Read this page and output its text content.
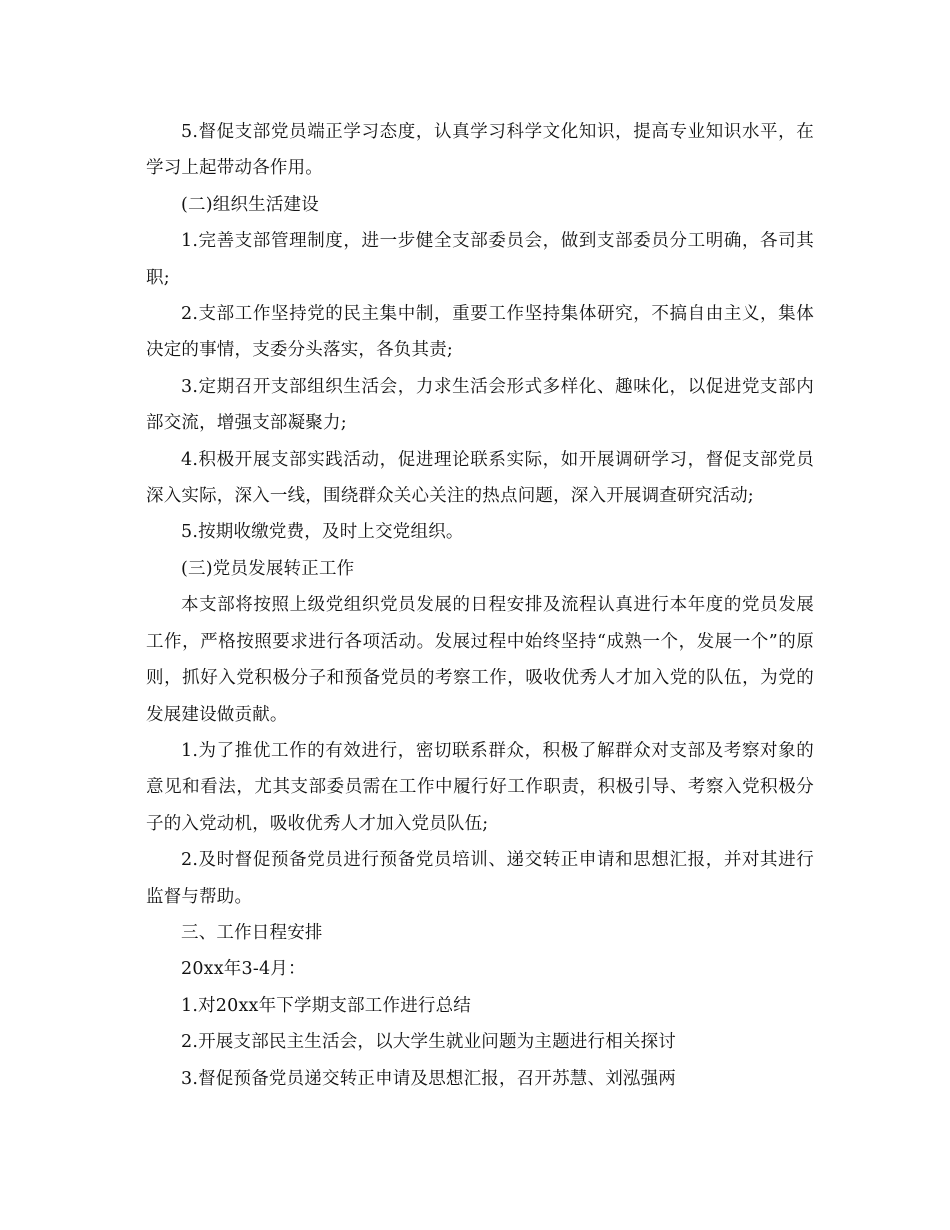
5.督促支部党员端正学习态度，认真学习科学文化知识，提高专业知识水平，在学习上起带动各作用。

(二)组织生活建设

1.完善支部管理制度，进一步健全支部委员会，做到支部委员分工明确，各司其职;

2.支部工作坚持党的民主集中制，重要工作坚持集体研究，不搞自由主义，集体决定的事情，支委分头落实，各负其责;

3.定期召开支部组织生活会，力求生活会形式多样化、趣味化，以促进党支部内部交流，增强支部凝聚力;

4.积极开展支部实践活动，促进理论联系实际，如开展调研学习，督促支部党员深入实际，深入一线，围绕群众关心关注的热点问题，深入开展调查研究活动;

5.按期收缴党费，及时上交党组织。

(三)党员发展转正工作

本支部将按照上级党组织党员发展的日程安排及流程认真进行本年度的党员发展工作，严格按照要求进行各项活动。发展过程中始终坚持“成熟一个，发展一个”的原则，抓好入党积极分子和预备党员的考察工作，吸收优秀人才加入党的队伍，为党的发展建设做贡献。

1.为了推优工作的有效进行，密切联系群众，积极了解群众对支部及考察对象的意见和看法，尤其支部委员需在工作中履行好工作职责，积极引导、考察入党积极分子的入党动机，吸收优秀人才加入党员队伍;

2.及时督促预备党员进行预备党员培训、递交转正申请和思想汇报，并对其进行监督与帮助。

三、工作日程安排

20xx年3-4月：

1.对20xx年下学期支部工作进行总结

2.开展支部民主生活会，以大学生就业问题为主题进行相关探讨

3.督促预备党员递交转正申请及思想汇报，召开苏慧、刘泓强两
